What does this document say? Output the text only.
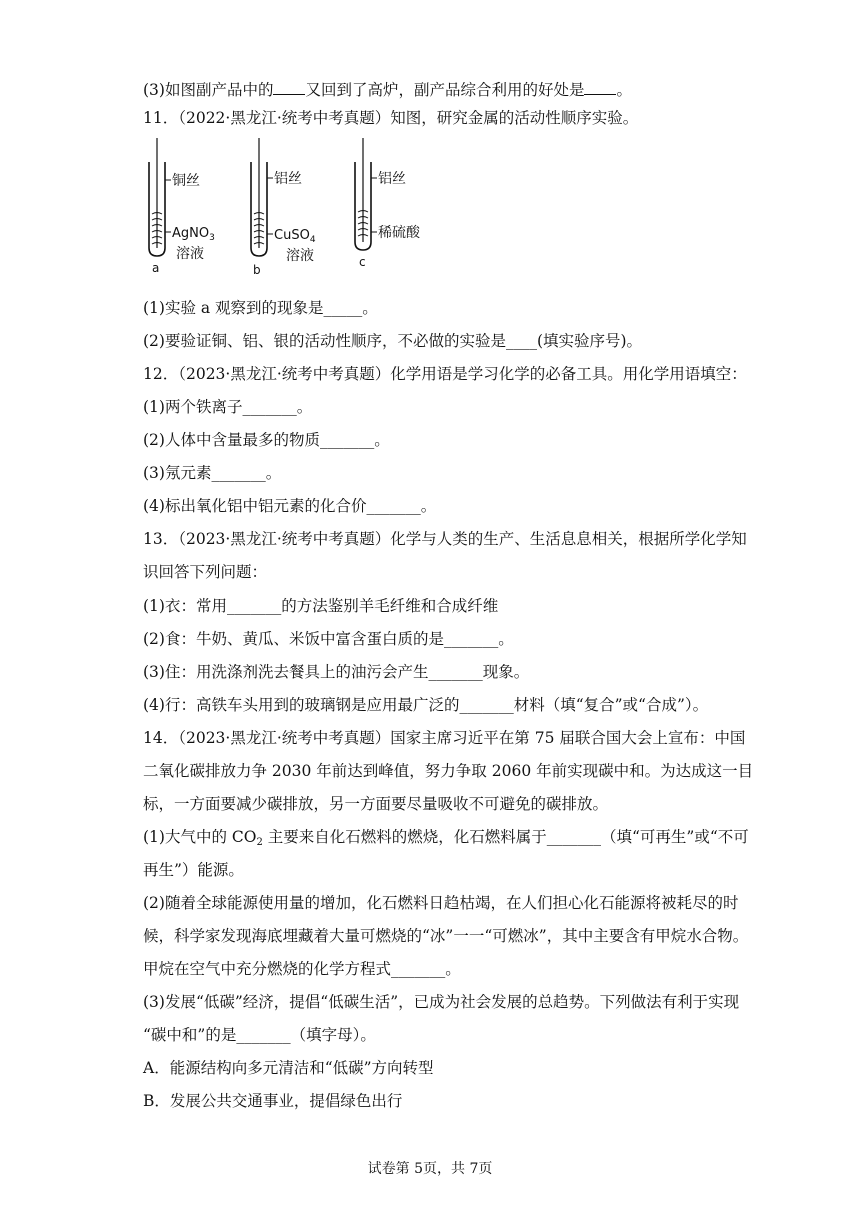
(3)如图副产品中的 又回到了高炉，副产品综合利用的好处是 。
11．（2022·黑龙江·统考中考真题）知图，研究金属的活动性顺序实验。
铜丝
AgNO$_3$
溶液
a
铝丝
CuSO$_4$
溶液
b
铝丝
稀硫酸
c
(1)实验 a 观察到的现象是_____。
(2)要验证铜、铝、银的活动性顺序，不必做的实验是____(填实验序号)。
12．（2023·黑龙江·统考中考真题）化学用语是学习化学的必备工具。用化学用语填空：
(1)两个铁离子_______。
(2)人体中含量最多的物质_______。
(3)氖元素_______。
(4)标出氧化铝中铝元素的化合价_______。
13．（2023·黑龙江·统考中考真题）化学与人类的生产、生活息息相关，根据所学化学知
识回答下列问题：
(1)衣：常用_______的方法鉴别羊毛纤维和合成纤维
(2)食：牛奶、黄瓜、米饭中富含蛋白质的是_______。
(3)住：用洗涤剂洗去餐具上的油污会产生_______现象。
(4)行：高铁车头用到的玻璃钢是应用最广泛的_______材料（填“复合”或“合成”）。
14．（2023·黑龙江·统考中考真题）国家主席习近平在第 75 届联合国大会上宣布：中国
二氧化碳排放力争 2030 年前达到峰值，努力争取 2060 年前实现碳中和。为达成这一目
标，一方面要减少碳排放，另一方面要尽量吸收不可避免的碳排放。
(1)大气中的 $CO_2$ 主要来自化石燃料的燃烧，化石燃料属于_______（填“可再生”或“不可
再生”）能源。
(2)随着全球能源使用量的增加，化石燃料日趋枯竭，在人们担心化石能源将被耗尽的时
候，科学家发现海底埋藏着大量可燃烧的“冰”一一“可燃冰”，其中主要含有甲烷水合物。
甲烷在空气中充分燃烧的化学方程式_______。
(3)发展“低碳”经济，提倡“低碳生活”，已成为社会发展的总趋势。下列做法有利于实现
“碳中和”的是_______（填字母）。
A．能源结构向多元清洁和“低碳”方向转型
B．发展公共交通事业，提倡绿色出行
试卷第 5页，共 7页
